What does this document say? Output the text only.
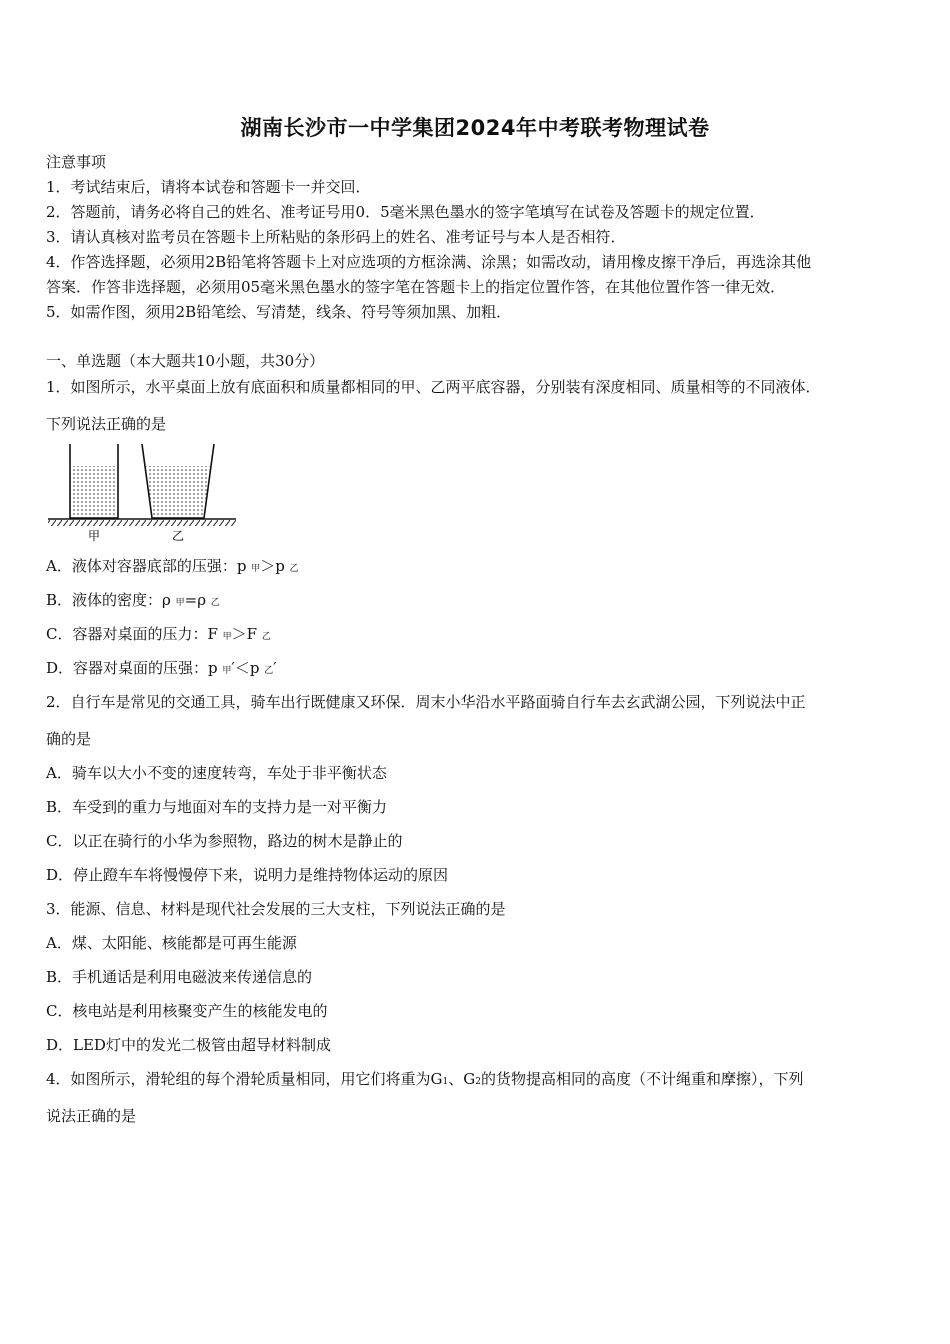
湖南长沙市一中学集团2024年中考联考物理试卷
注意事项
1．考试结束后，请将本试卷和答题卡一并交回．
2．答题前，请务必将自己的姓名、准考证号用0．5毫米黑色墨水的签字笔填写在试卷及答题卡的规定位置．
3．请认真核对监考员在答题卡上所粘贴的条形码上的姓名、准考证号与本人是否相符．
4．作答选择题，必须用2B铅笔将答题卡上对应选项的方框涂满、涂黑；如需改动，请用橡皮擦干净后，再选涂其他
答案．作答非选择题，必须用05毫米黑色墨水的签字笔在答题卡上的指定位置作答，在其他位置作答一律无效．
5．如需作图，须用2B铅笔绘、写清楚，线条、符号等须加黑、加粗．
一、单选题（本大题共10小题，共30分）
1．如图所示，水平桌面上放有底面积和质量都相同的甲、乙两平底容器，分别装有深度相同、质量相等的不同液体．
下列说法正确的是
甲	乙
A．液体对容器底部的压强：p 甲＞p 乙
B．液体的密度：ρ 甲=ρ 乙
C．容器对桌面的压力：F 甲＞F 乙
D．容器对桌面的压强：p 甲′＜p 乙′
2．自行车是常见的交通工具，骑车出行既健康又环保．周末小华沿水平路面骑自行车去玄武湖公园，下列说法中正
确的是
A．骑车以大小不变的速度转弯，车处于非平衡状态
B．车受到的重力与地面对车的支持力是一对平衡力
C．以正在骑行的小华为参照物，路边的树木是静止的
D．停止蹬车车将慢慢停下来，说明力是维持物体运动的原因
3．能源、信息、材料是现代社会发展的三大支柱，下列说法正确的是
A．煤、太阳能、核能都是可再生能源
B．手机通话是利用电磁波来传递信息的
C．核电站是利用核聚变产生的核能发电的
D．LED灯中的发光二极管由超导材料制成
4．如图所示，滑轮组的每个滑轮质量相同，用它们将重为G1、G2的货物提高相同的高度（不计绳重和摩擦），下列
说法正确的是
